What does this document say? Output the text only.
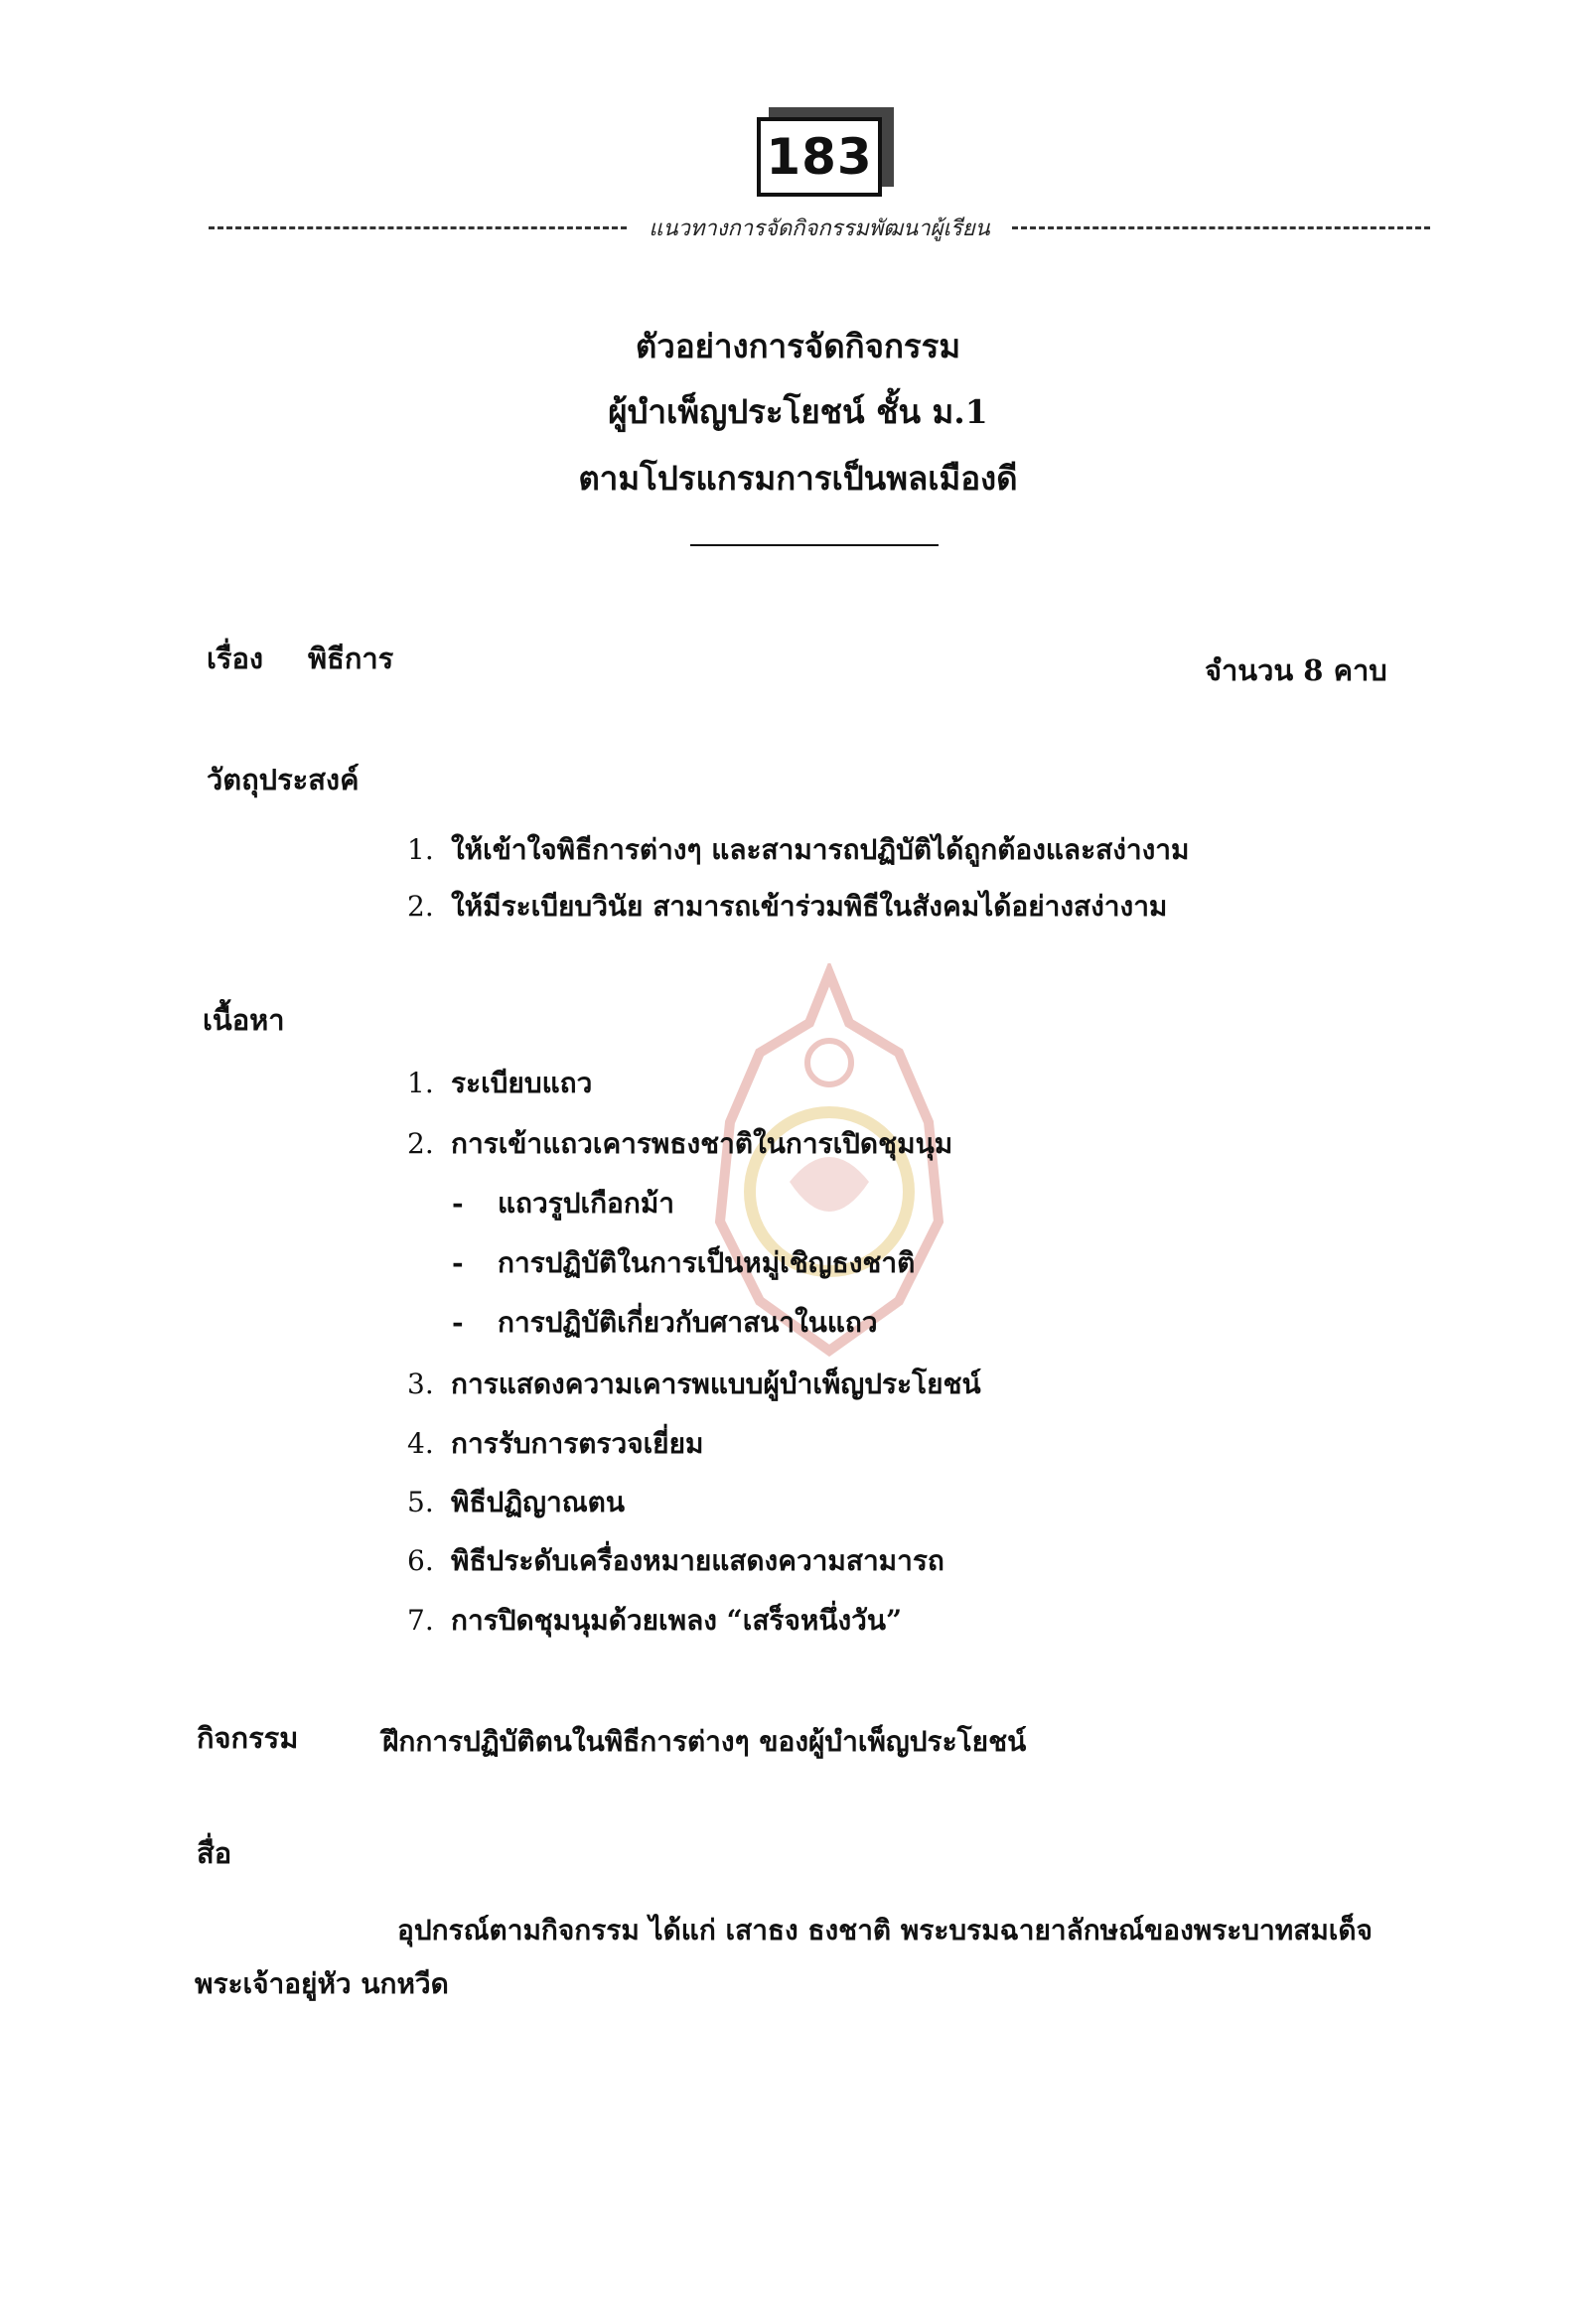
183
แนวทางการจัดกิจกรรมพัฒนาผู้เรียน
ตัวอย่างการจัดกิจกรรม
ผู้บำเพ็ญประโยชน์ ชั้น ม.1
ตามโปรแกรมการเป็นพลเมืองดี
เรื่อง พิธีการ	จำนวน 8 คาบ
วัตถุประสงค์
1. ให้เข้าใจพิธีการต่างๆ และสามารถปฏิบัติได้ถูกต้องและสง่างาม
2. ให้มีระเบียบวินัย สามารถเข้าร่วมพิธีในสังคมได้อย่างสง่างาม
เนื้อหา
1. ระเบียบแถว
2. การเข้าแถวเคารพธงชาติในการเปิดชุมนุม
- แถวรูปเกือกม้า
- การปฏิบัติในการเป็นหมู่เชิญธงชาติ
- การปฏิบัติเกี่ยวกับศาสนาในแถว
3. การแสดงความเคารพแบบผู้บำเพ็ญประโยชน์
4. การรับการตรวจเยี่ยม
5. พิธีปฏิญาณตน
6. พิธีประดับเครื่องหมายแสดงความสามารถ
7. การปิดชุมนุมด้วยเพลง “เสร็จหนึ่งวัน”
กิจกรรม	ฝึกการปฏิบัติตนในพิธีการต่างๆ ของผู้บำเพ็ญประโยชน์
สื่อ
อุปกรณ์ตามกิจกรรม ได้แก่ เสาธง ธงชาติ พระบรมฉายาลักษณ์ของพระบาทสมเด็จ
พระเจ้าอยู่หัว นกหวีด
